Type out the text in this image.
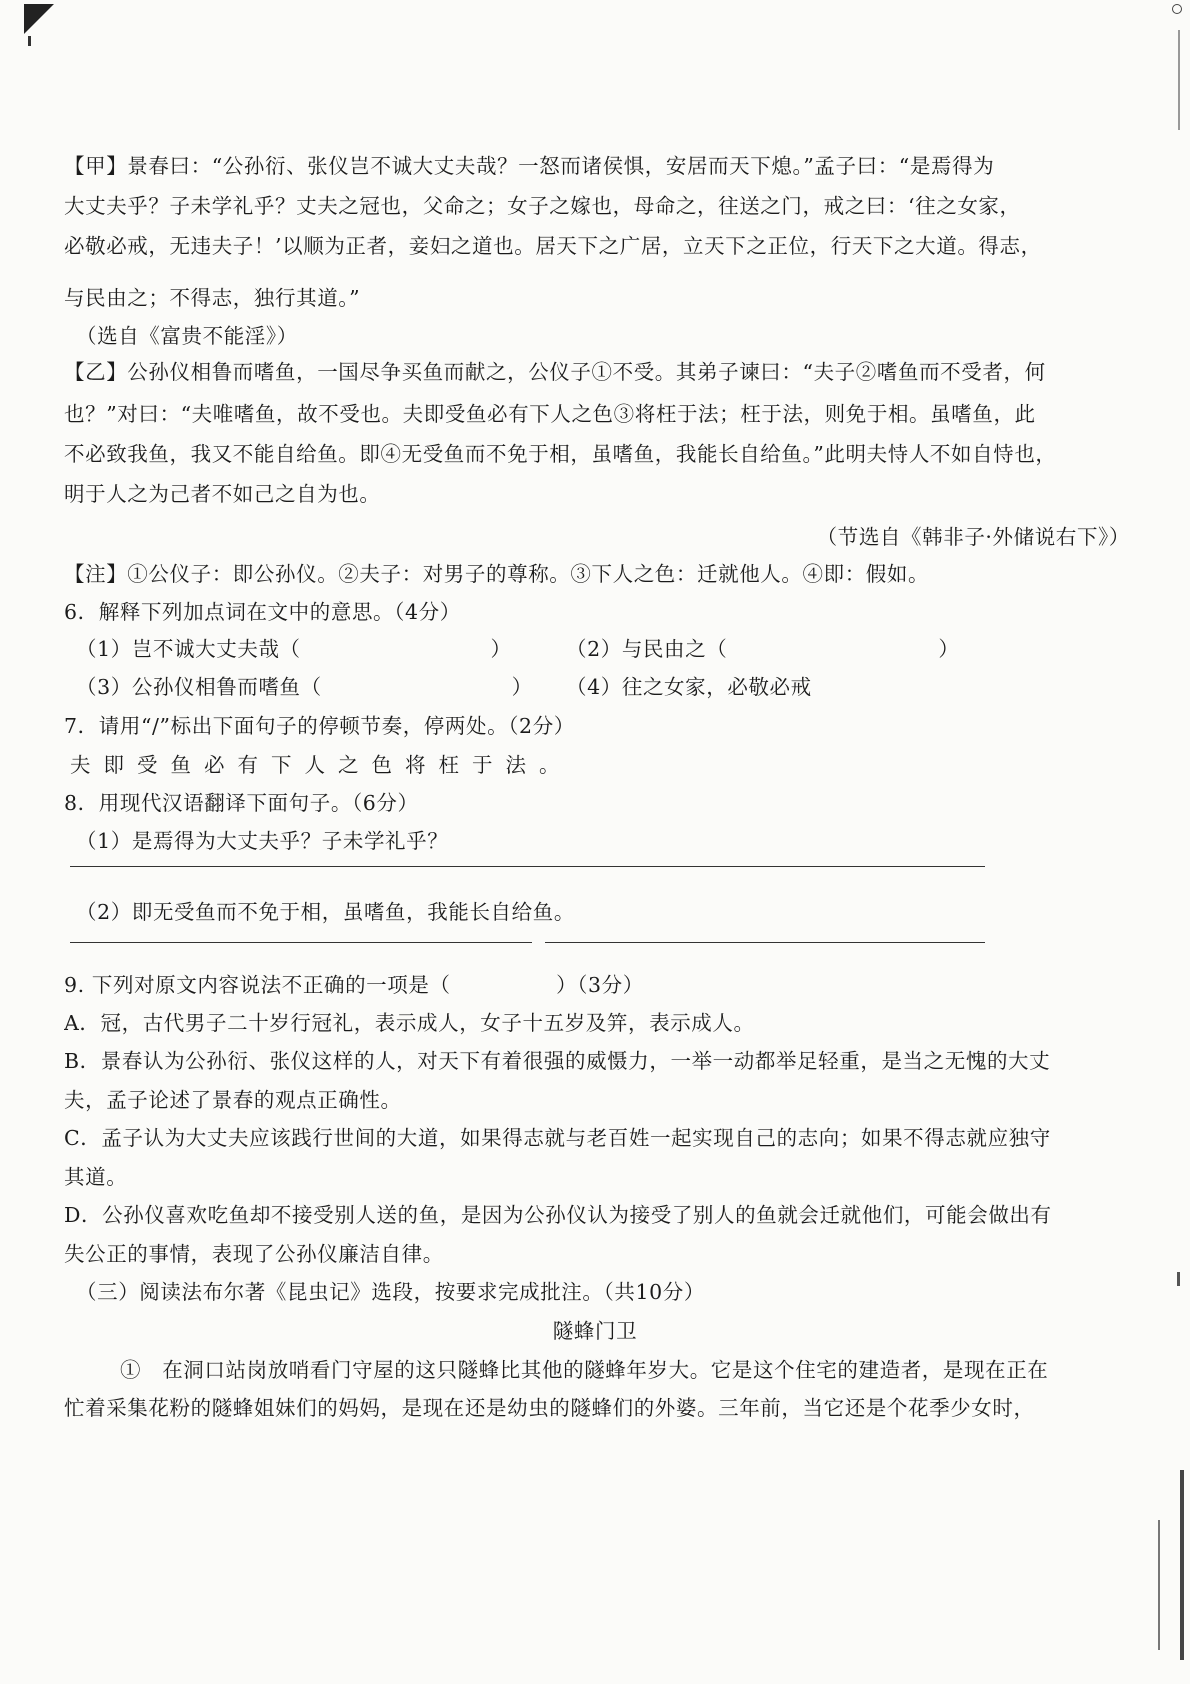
【甲】景春曰：“公孙衍、张仪岂不诚大丈夫哉？一怒而诸侯惧，安居而天下熄。”孟子曰：“是焉得为
大丈夫乎？子未学礼乎？丈夫之冠也，父命之；女子之嫁也，母命之，往送之门，戒之曰：‘往之女家，
必敬必戒，无违夫子！’以顺为正者，妾妇之道也。居天下之广居，立天下之正位，行天下之大道。得志，
与民由之；不得志，独行其道。”
（选自《富贵不能淫》）
【乙】公孙仪相鲁而嗜鱼，一国尽争买鱼而献之，公仪子①不受。其弟子谏曰：“夫子②嗜鱼而不受者，何
也？”对曰：“夫唯嗜鱼，故不受也。夫即受鱼必有下人之色③将枉于法；枉于法，则免于相。虽嗜鱼，此
不必致我鱼，我又不能自给鱼。即④无受鱼而不免于相，虽嗜鱼，我能长自给鱼。”此明夫恃人不如自恃也，
明于人之为己者不如己之自为也。
（节选自《韩非子·外储说右下》）
【注】①公仪子：即公孙仪。②夫子：对男子的尊称。③下人之色：迁就他人。④即：假如。
6．解释下列加点词在文中的意思。（4分）
（1）岂不诚大丈夫哉（　　　　　　　　　）	（2）与民由之（　　　　　　　　　　）
（3）公孙仪相鲁而嗜鱼（　　　　　　　　　） （4）往之女家，必敬必戒
7．请用“/”标出下面句子的停顿节奏，停两处。（2分）
夫即受鱼必有下人之色将枉于法。
8．用现代汉语翻译下面句子。（6分）
（1）是焉得为大丈夫乎？子未学礼乎？
（2）即无受鱼而不免于相，虽嗜鱼，我能长自给鱼。
9. 下列对原文内容说法不正确的一项是（　　　　　）（3分）
A．冠，古代男子二十岁行冠礼，表示成人，女子十五岁及笄，表示成人。
B．景春认为公孙衍、张仪这样的人，对天下有着很强的威慑力，一举一动都举足轻重，是当之无愧的大丈
夫，孟子论述了景春的观点正确性。
C．孟子认为大丈夫应该践行世间的大道，如果得志就与老百姓一起实现自己的志向；如果不得志就应独守
其道。
D．公孙仪喜欢吃鱼却不接受别人送的鱼，是因为公孙仪认为接受了别人的鱼就会迁就他们，可能会做出有
失公正的事情，表现了公孙仪廉洁自律。
（三）阅读法布尔著《昆虫记》选段，按要求完成批注。（共10分）
隧蜂门卫
①　在洞口站岗放哨看门守屋的这只隧蜂比其他的隧蜂年岁大。它是这个住宅的建造者，是现在正在
忙着采集花粉的隧蜂姐妹们的妈妈，是现在还是幼虫的隧蜂们的外婆。三年前，当它还是个花季少女时，
